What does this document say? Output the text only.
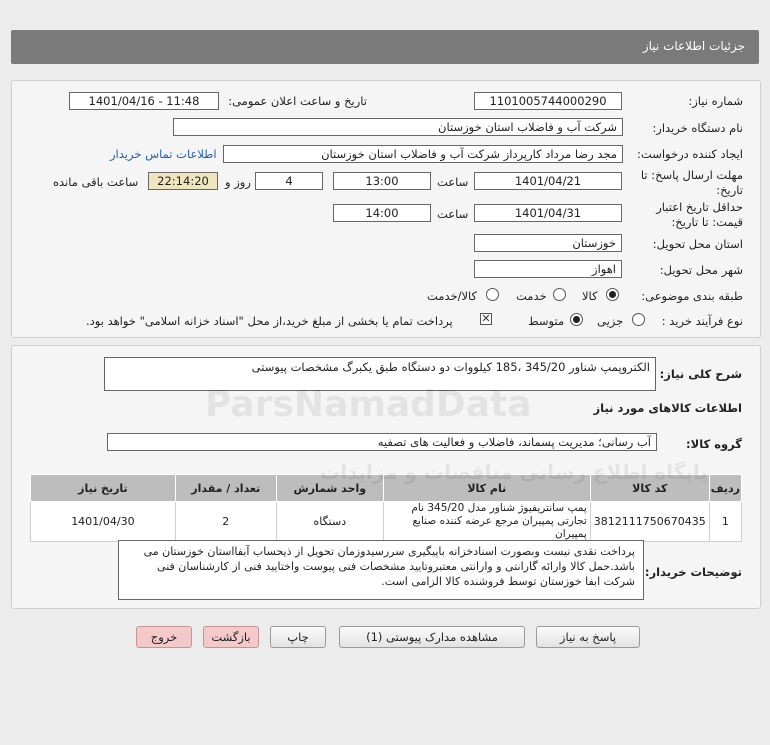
جزئیات اطلاعات نیاز
شماره نیاز:
1101005744000290
تاریخ و ساعت اعلان عمومی:
1401/04/16 - 11:48
نام دستگاه خریدار:
شرکت آب و فاضلاب استان خوزستان
ایجاد کننده درخواست:
مجد رضا مرداد کارپرداز شرکت آب و فاضلاب استان خوزستان
اطلاعات تماس خریدار
مهلت ارسال پاسخ: تا
تاریخ:
1401/04/21
ساعت
13:00
4
روز و
22:14:20
ساعت باقی مانده
حداقل تاریخ اعتبار
قیمت: تا تاریخ:
1401/04/31
ساعت
14:00
استان محل تحویل:
خوزستان
شهر محل تحویل:
اهواز
طبقه بندی موضوعی:
کالا
خدمت
کالا/خدمت
نوع فرآیند خرید :
جزیی
متوسط
✕
پرداخت تمام یا بخشی از مبلغ خرید،از محل "اسناد خزانه اسلامی" خواهد بود.
شرح کلی نیاز:
الکتروپمپ شناور 345/20 ،185 کیلووات دو دستگاه طبق یکبرگ مشخصات پیوستی
اطلاعات کالاهای مورد نیاز
گروه کالا:
آب رسانی؛ مدیریت پسماند، فاضلاب و فعالیت های تصفیه
ردیف	کد کالا	نام کالا	واحد شمارش	تعداد / مقدار	تاریخ نیاز
1	3812111750670435	پمپ سانتریفیوژ شناور مدل 345/20 نام تجارتی پمپیران مرجع عرضه کننده صنایع پمپیران	دستگاه	2	1401/04/30
توضیحات خریدار:
پرداخت نقدی نیست وبصورت اسنادخزانه باپیگیری سررسیدوزمان تحویل از ذیحساب آبفااستان خوزستان می باشد.حمل کالا وارائه گارانتی و وارانتی معتبروتایید مشخصات فنی پیوست واختایید فنی از کارشناسان فنی شرکت ابفا خوزستان توسط فروشنده کالا الزامی است.
پاسخ به نیاز
مشاهده مدارک پیوستی (1)
چاپ
بازگشت
خروج
